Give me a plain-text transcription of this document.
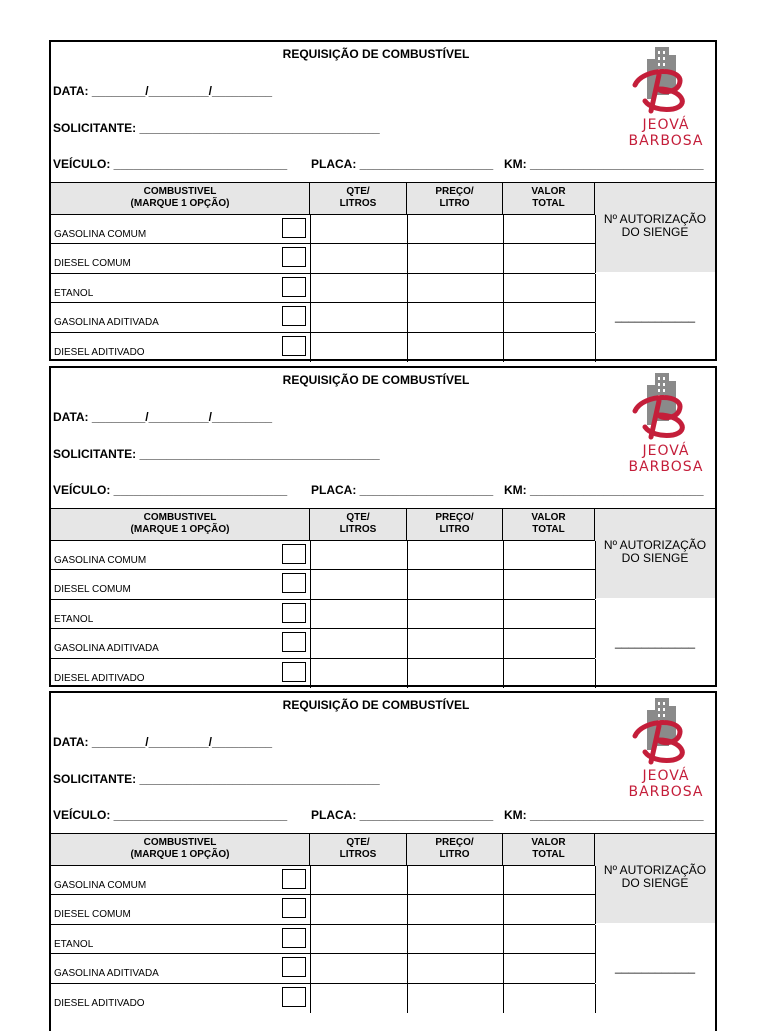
REQUISIÇÃO DE COMBUSTÍVEL
DATA: ________/_________/_________
SOLICITANTE: ____________________________________
VEÍCULO: __________________________ PLACA: ____________________ KM: __________________________
JEOVÁ
BARBOSA
COMBUSTIVEL
(MARQUE 1 OPÇÃO)
QTE/
LITROS
PREÇO/
LITRO
VALOR
TOTAL
Nº AUTORIZAÇÃO
DO SIENGE
____________
GASOLINA COMUM
DIESEL COMUM
ETANOL
GASOLINA ADITIVADA
DIESEL ADITIVADO
REQUISIÇÃO DE COMBUSTÍVEL
DATA: ________/_________/_________
SOLICITANTE: ____________________________________
VEÍCULO: __________________________ PLACA: ____________________ KM: __________________________
JEOVÁ
BARBOSA
COMBUSTIVEL
(MARQUE 1 OPÇÃO)
QTE/
LITROS
PREÇO/
LITRO
VALOR
TOTAL
Nº AUTORIZAÇÃO
DO SIENGE
____________
GASOLINA COMUM
DIESEL COMUM
ETANOL
GASOLINA ADITIVADA
DIESEL ADITIVADO
REQUISIÇÃO DE COMBUSTÍVEL
DATA: ________/_________/_________
SOLICITANTE: ____________________________________
VEÍCULO: __________________________ PLACA: ____________________ KM: __________________________
JEOVÁ
BARBOSA
COMBUSTIVEL
(MARQUE 1 OPÇÃO)
QTE/
LITROS
PREÇO/
LITRO
VALOR
TOTAL
Nº AUTORIZAÇÃO
DO SIENGE
____________
GASOLINA COMUM
DIESEL COMUM
ETANOL
GASOLINA ADITIVADA
DIESEL ADITIVADO
